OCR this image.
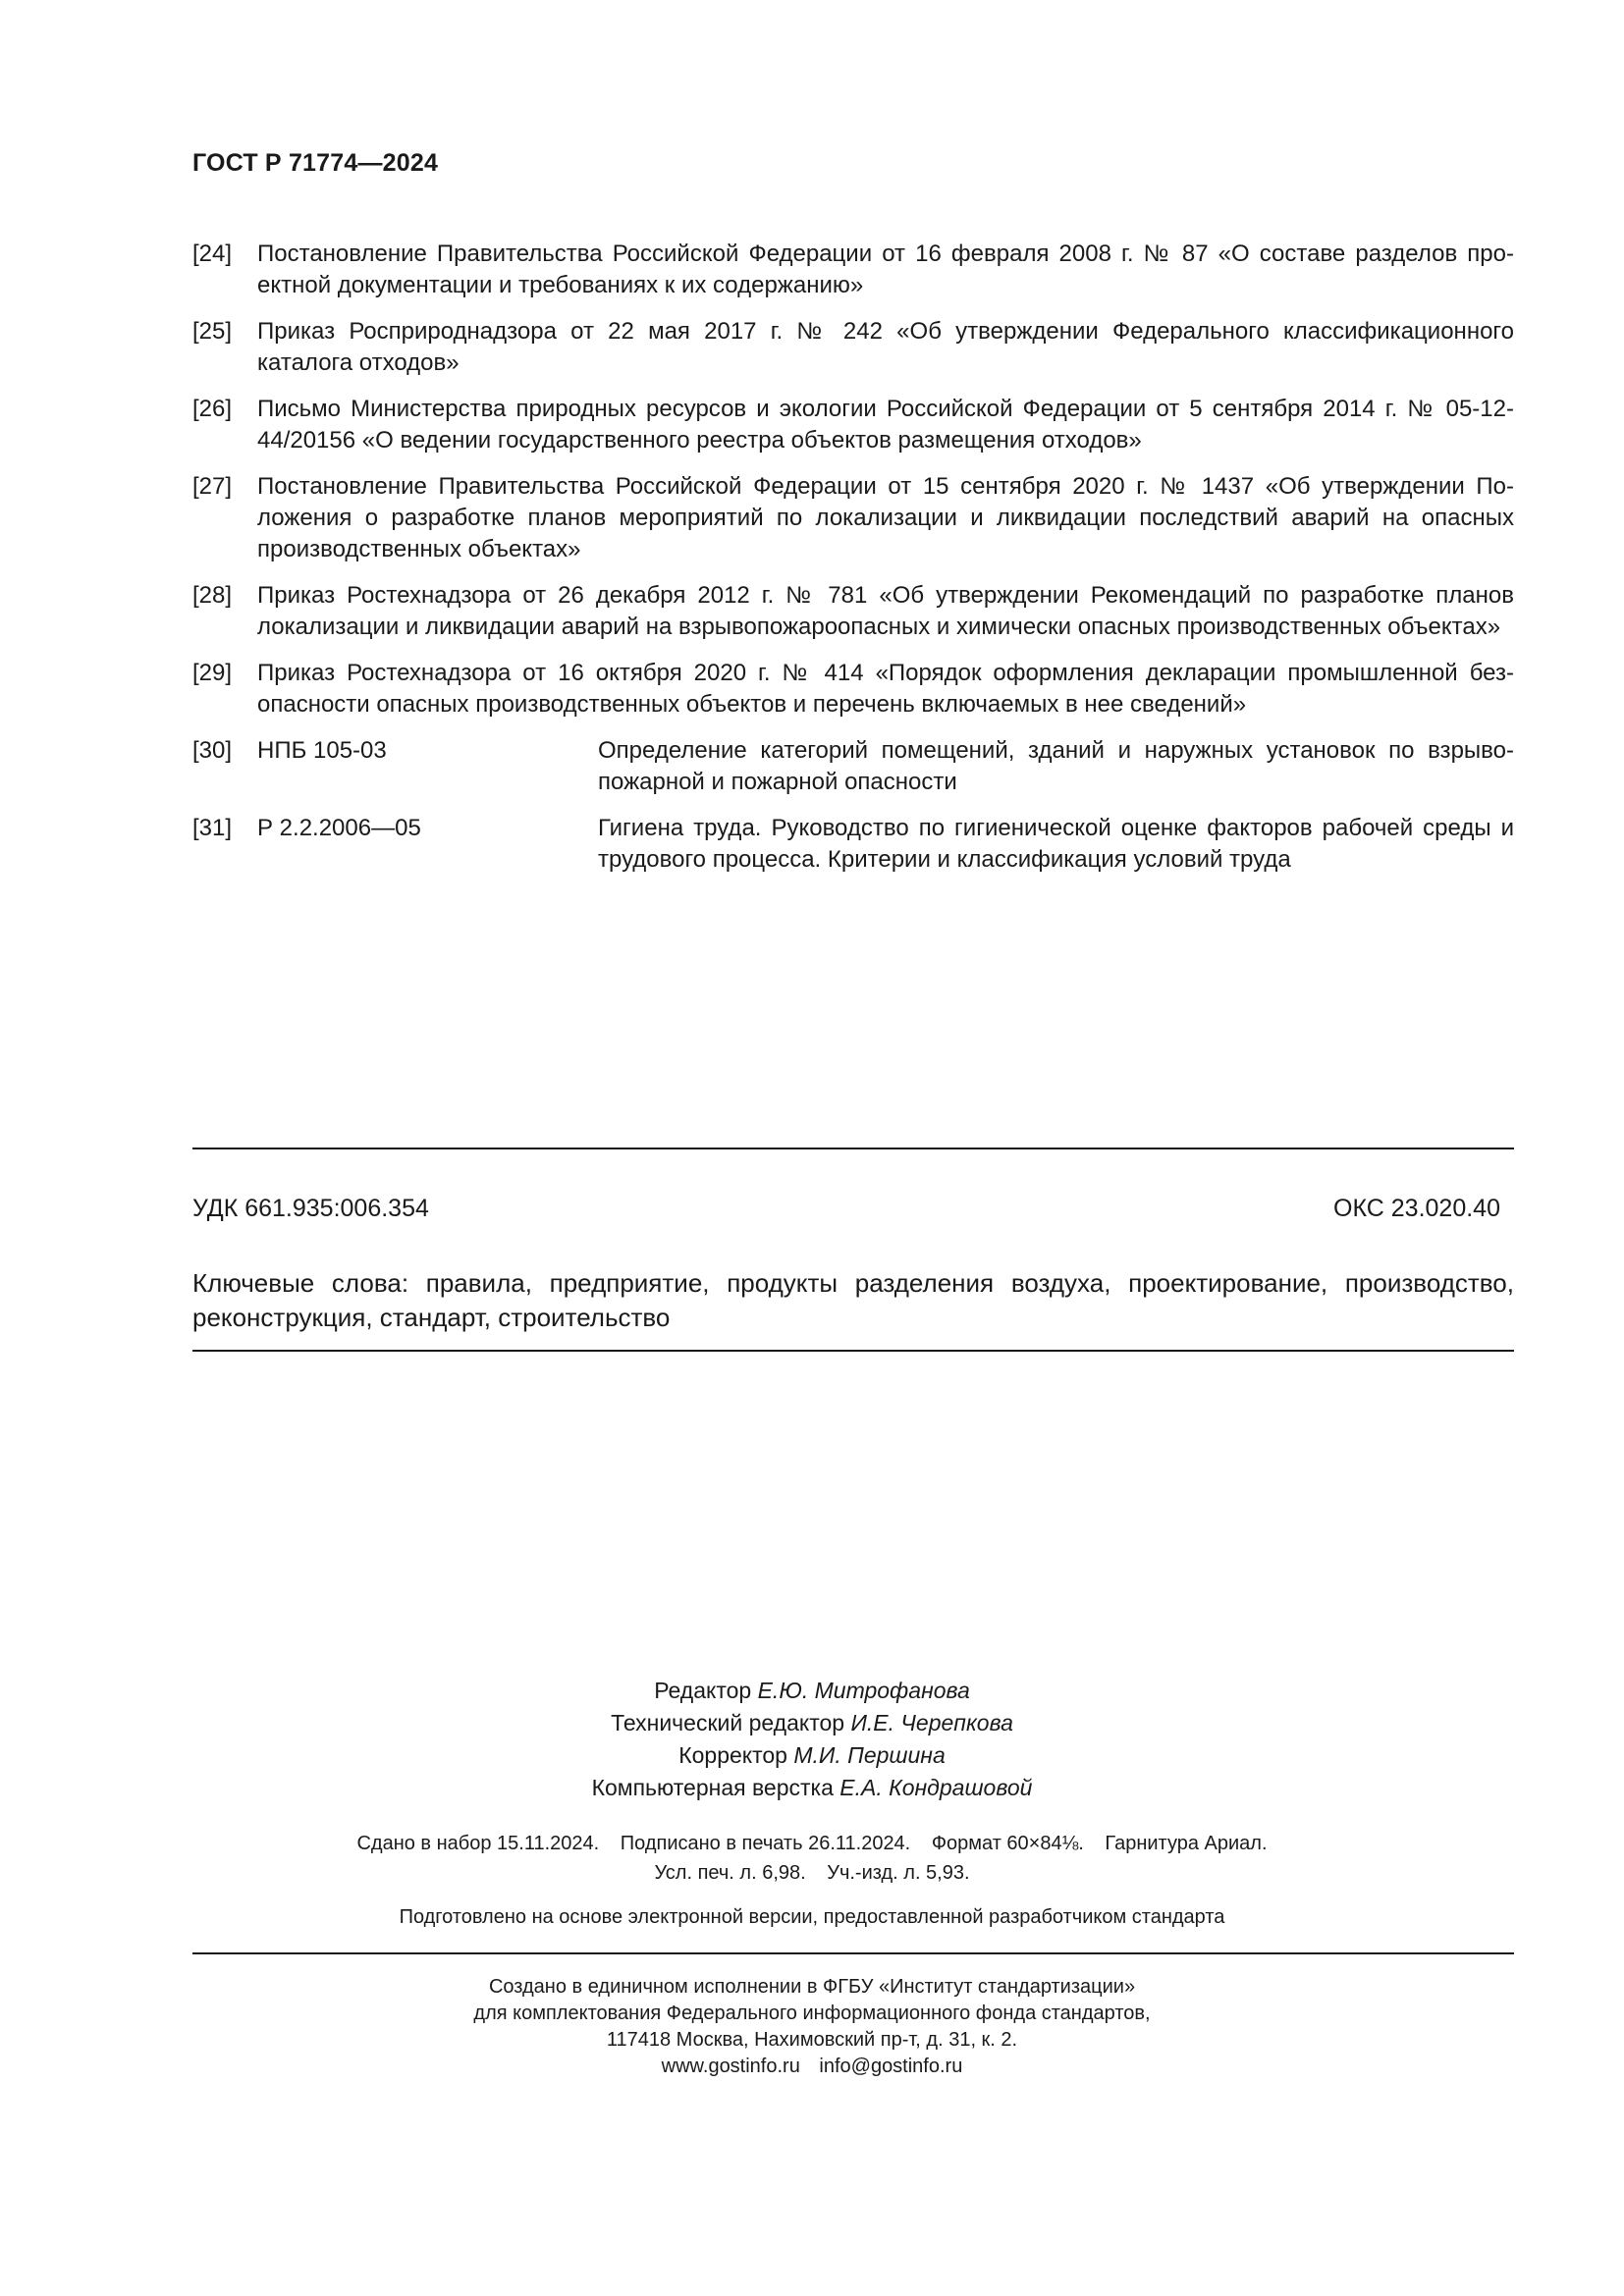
ГОСТ Р 71774—2024
[24]	Постановление Правительства Российской Федерации от 16 февраля 2008 г. № 87 «О составе разделов проектной документации и требованиях к их содержанию»
[25]	Приказ Росприроднадзора от 22 мая 2017 г. № 242 «Об утверждении Федерального классификационного каталога отходов»
[26]	Письмо Министерства природных ресурсов и экологии Российской Федерации от 5 сентября 2014 г. № 05-12-44/20156 «О ведении государственного реестра объектов размещения отходов»
[27]	Постановление Правительства Российской Федерации от 15 сентября 2020 г. № 1437 «Об утверждении Положения о разработке планов мероприятий по локализации и ликвидации последствий аварий на опасных производственных объектах»
[28]	Приказ Ростехнадзора от 26 декабря 2012 г. № 781 «Об утверждении Рекомендаций по разработке планов локализации и ликвидации аварий на взрывопожароопасных и химически опасных производственных объектах»
[29]	Приказ Ростехнадзора от 16 октября 2020 г. № 414 «Порядок оформления декларации промышленной безопасности опасных производственных объектов и перечень включаемых в нее сведений»
[30]	НПБ 105-03	Определение категорий помещений, зданий и наружных установок по взрывопожарной и пожарной опасности
[31]	Р 2.2.2006—05	Гигиена труда. Руководство по гигиенической оценке факторов рабочей среды и трудового процесса. Критерии и классификация условий труда
УДК 661.935:006.354	ОКС 23.020.40
Ключевые слова: правила, предприятие, продукты разделения воздуха, проектирование, производство, реконструкция, стандарт, строительство
Редактор Е.Ю. Митрофанова
Технический редактор И.Е. Черепкова
Корректор М.И. Першина
Компьютерная верстка Е.А. Кондрашовой
Сдано в набор 15.11.2024. Подписано в печать 26.11.2024. Формат 60×84⅛. Гарнитура Ариал.
Усл. печ. л. 6,98. Уч.-изд. л. 5,93.
Подготовлено на основе электронной версии, предоставленной разработчиком стандарта
Создано в единичном исполнении в ФГБУ «Институт стандартизации»
для комплектования Федерального информационного фонда стандартов,
117418 Москва, Нахимовский пр-т, д. 31, к. 2.
www.gostinfo.ru info@gostinfo.ru
